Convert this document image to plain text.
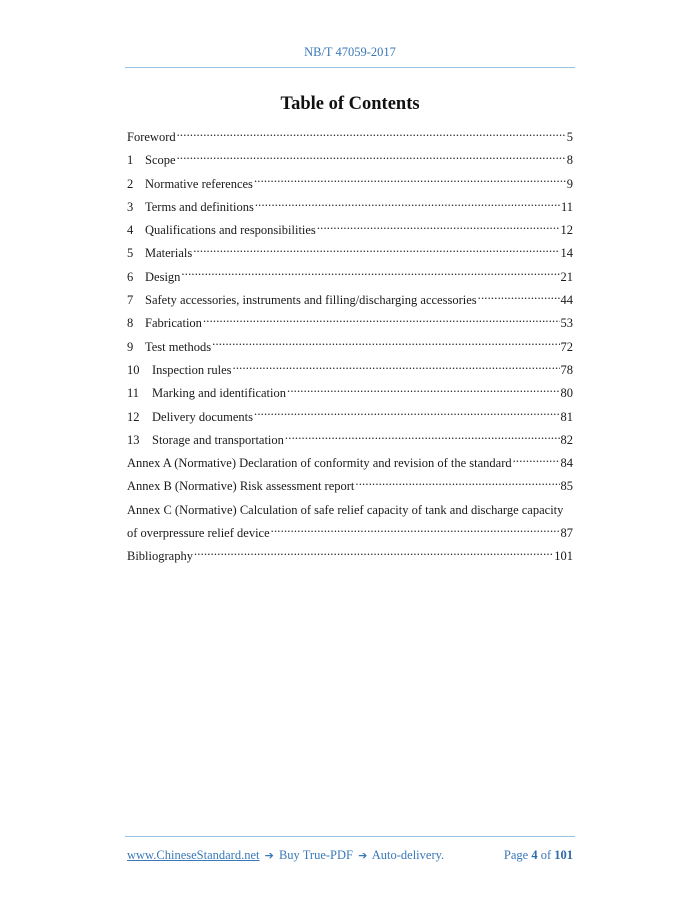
NB/T 47059-2017
Table of Contents
Foreword .....	5
1 Scope .....	8
2 Normative references .....	9
3 Terms and definitions .....	11
4 Qualifications and responsibilities .....	12
5 Materials .....	14
6 Design .....	21
7 Safety accessories, instruments and filling/discharging accessories .....	44
8 Fabrication .....	53
9 Test methods .....	72
10	Inspection rules .....	78
11	Marking and identification .....	80
12	Delivery documents .....	81
13	Storage and transportation .....	82
Annex A (Normative) Declaration of conformity and revision of the standard .....	84
Annex B (Normative) Risk assessment report .....	85
Annex C (Normative) Calculation of safe relief capacity of tank and discharge capacity
of overpressure relief device .....	87
Bibliography .....	101
www.ChineseStandard.net ➔ Buy True-PDF ➔ Auto-delivery.	Page 4 of 101
